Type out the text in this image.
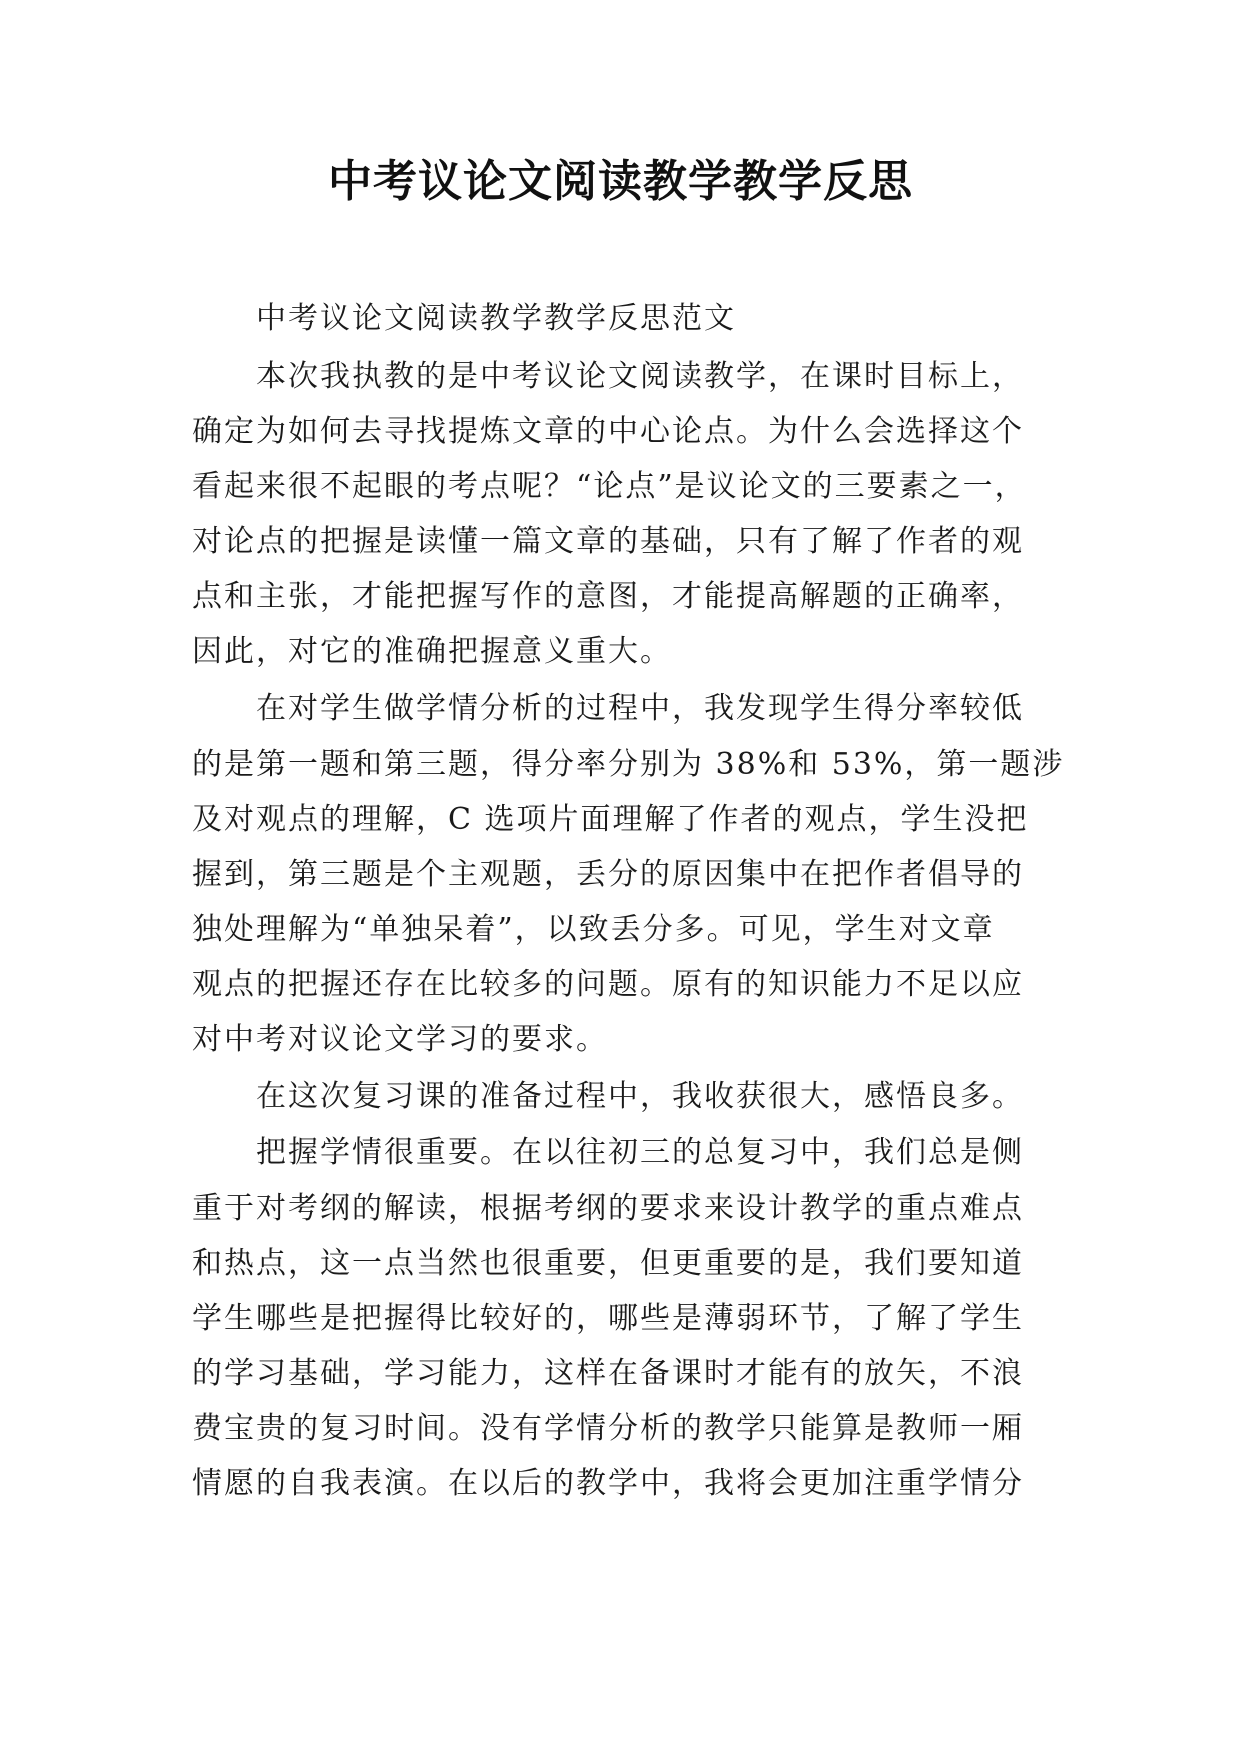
中考议论文阅读教学教学反思

中考议论文阅读教学教学反思范文

本次我执教的是中考议论文阅读教学，在课时目标上，

确定为如何去寻找提炼文章的中心论点。为什么会选择这个

看起来很不起眼的考点呢？“论点”是议论文的三要素之一，

对论点的把握是读懂一篇文章的基础，只有了解了作者的观

点和主张，才能把握写作的意图，才能提高解题的正确率，

因此，对它的准确把握意义重大。

在对学生做学情分析的过程中，我发现学生得分率较低

的是第一题和第三题，得分率分别为 38%和 53%，第一题涉

及对观点的理解，C 选项片面理解了作者的观点，学生没把

握到，第三题是个主观题，丢分的原因集中在把作者倡导的

独处理解为“单独呆着”，以致丢分多。可见，学生对文章

观点的把握还存在比较多的问题。原有的知识能力不足以应

对中考对议论文学习的要求。

在这次复习课的准备过程中，我收获很大，感悟良多。

把握学情很重要。在以往初三的总复习中，我们总是侧

重于对考纲的解读，根据考纲的要求来设计教学的重点难点

和热点，这一点当然也很重要，但更重要的是，我们要知道

学生哪些是把握得比较好的，哪些是薄弱环节，了解了学生

的学习基础，学习能力，这样在备课时才能有的放矢，不浪

费宝贵的复习时间。没有学情分析的教学只能算是教师一厢

情愿的自我表演。在以后的教学中，我将会更加注重学情分
